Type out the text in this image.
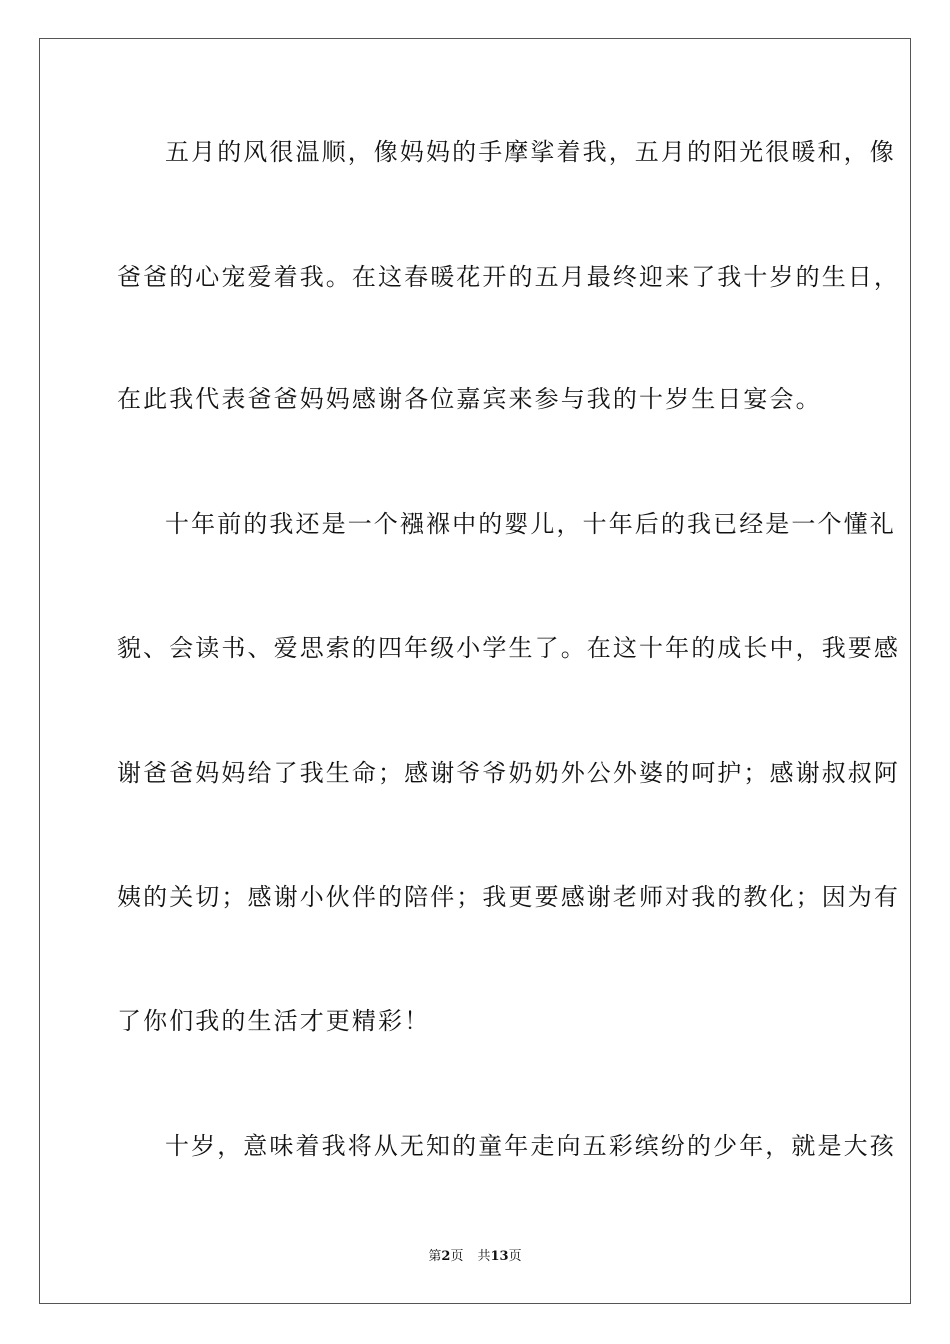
五月的风很温顺，像妈妈的手摩挲着我，五月的阳光很暖和，像

爸爸的心宠爱着我。在这春暖花开的五月最终迎来了我十岁的生日，

在此我代表爸爸妈妈感谢各位嘉宾来参与我的十岁生日宴会。

十年前的我还是一个襁褓中的婴儿，十年后的我已经是一个懂礼

貌、会读书、爱思索的四年级小学生了。在这十年的成长中，我要感

谢爸爸妈妈给了我生命；感谢爷爷奶奶外公外婆的呵护；感谢叔叔阿

姨的关切；感谢小伙伴的陪伴；我更要感谢老师对我的教化；因为有

了你们我的生活才更精彩！

十岁，意味着我将从无知的童年走向五彩缤纷的少年，就是大孩

第2页 共13页
